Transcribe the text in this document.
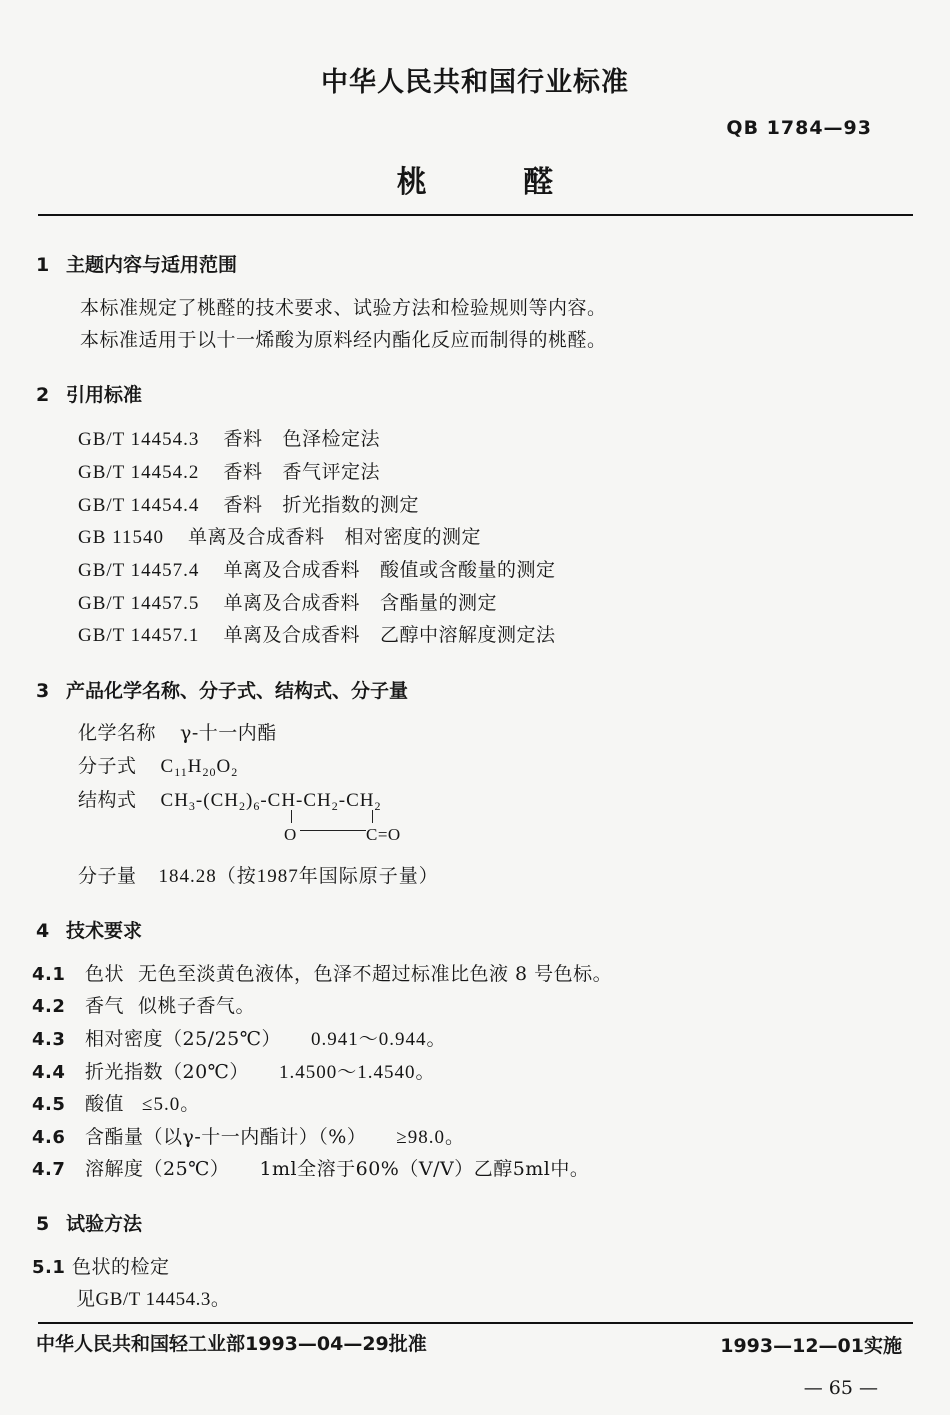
中华人民共和国行业标准
QB 1784—93
桃 醛
1 主题内容与适用范围
本标准规定了桃醛的技术要求、试验方法和检验规则等内容。
本标准适用于以十一烯酸为原料经内酯化反应而制得的桃醛。
2 引用标准
GB/T 14454.3 香料 色泽检定法
GB/T 14454.2 香料 香气评定法
GB/T 14454.4 香料 折光指数的测定
GB 11540 单离及合成香料 相对密度的测定
GB/T 14457.4 单离及合成香料 酸值或含酸量的测定
GB/T 14457.5 单离及合成香料 含酯量的测定
GB/T 14457.1 单离及合成香料 乙醇中溶解度测定法
3 产品化学名称、分子式、结构式、分子量
化学名称 γ-十一内酯
分子式 $C_{11}H_{20}O_2$
结构式 $CH_3-(CH_2)_6-CH-CH_2-CH_2$
O	C=O
分子量 184.28（按1987年国际原子量）
4 技术要求
4.1 色状 无色至淡黄色液体，色泽不超过标准比色液 8 号色标。
4.2 香气 似桃子香气。
4.3 相对密度（25/25℃） 0.941～0.944。
4.4 折光指数（20℃） 1.4500～1.4540。
4.5 酸值 ≤5.0。
4.6 含酯量（以γ-十一内酯计）（%） ≥98.0。
4.7 溶解度（25℃） 1ml全溶于60%（V/V）乙醇5ml中。
5 试验方法
5.1 色状的检定
见GB/T 14454.3。
中华人民共和国轻工业部1993—04—29批准	1993—12—01实施
— 65 —
